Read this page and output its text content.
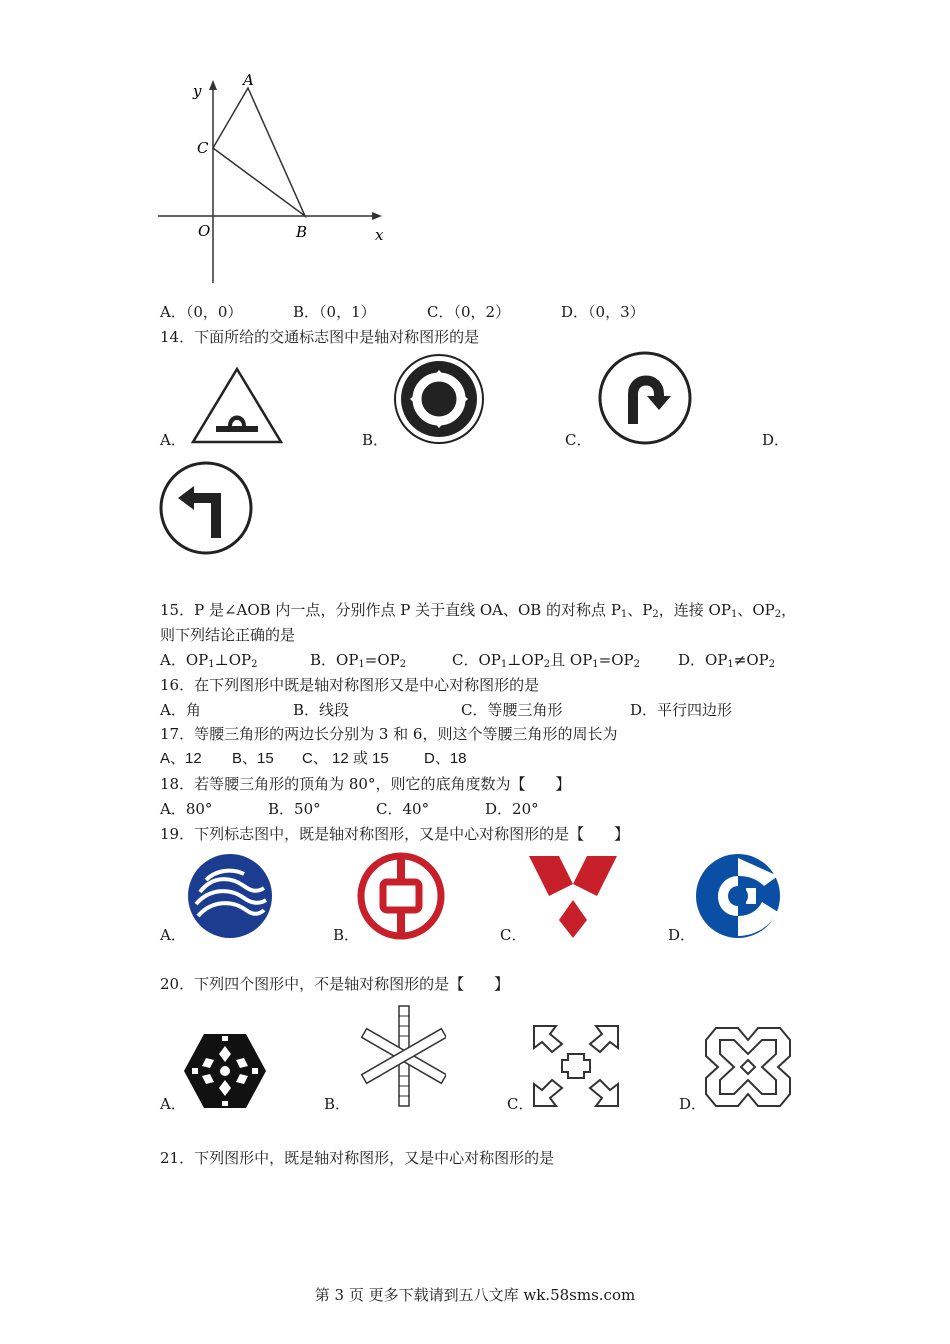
y
x
A
C
O	B
A．（0，0）	B．（0，1）	C．（0，2）	D．（0，3）
14．下面所给的交通标志图中是轴对称图形的是
A．	B．	C．	D．
15．P 是∠AOB 内一点，分别作点 P 关于直线 OA、OB 的对称点 $P_1$、$P_2$，连接 $OP_1$、$OP_2$，
则下列结论正确的是
A．$OP_1\perp OP_2$	B．$OP_1=OP_2$	C．$OP_1\perp OP_2$且 $OP_1=OP_2$	D．$OP_1\ne OP_2$
16．在下列图形中既是轴对称图形又是中心对称图形的是
A．角	B．线段	C．等腰三角形	D．平行四边形
17．等腰三角形的两边长分别为 3 和 6，则这个等腰三角形的周长为
A、12 B、15 C、 12 或 15 D、18
18．若等腰三角形的顶角为 80°，则它的底角度数为【　　】
A．80°	B．50°	C．40°	D．20°
19．下列标志图中，既是轴对称图形，又是中心对称图形的是【　　】
A．	B．	C．	D．
20．下列四个图形中，不是轴对称图形的是【　　】
A．	B．	C．	D．
21．下列图形中，既是轴对称图形，又是中心对称图形的是
第 3 页 更多下载请到五八文库 wk.58sms.com
